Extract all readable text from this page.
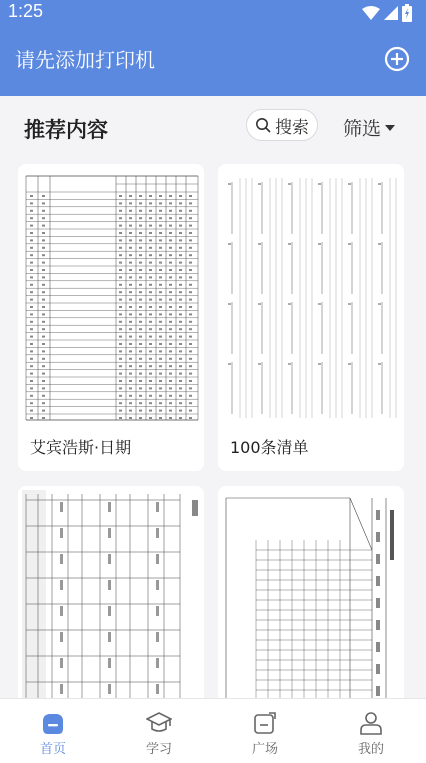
1:25
请先添加打印机
推荐内容	搜索 筛选
艾宾浩斯·日期	100条清单
首页	学习	广场	我的
